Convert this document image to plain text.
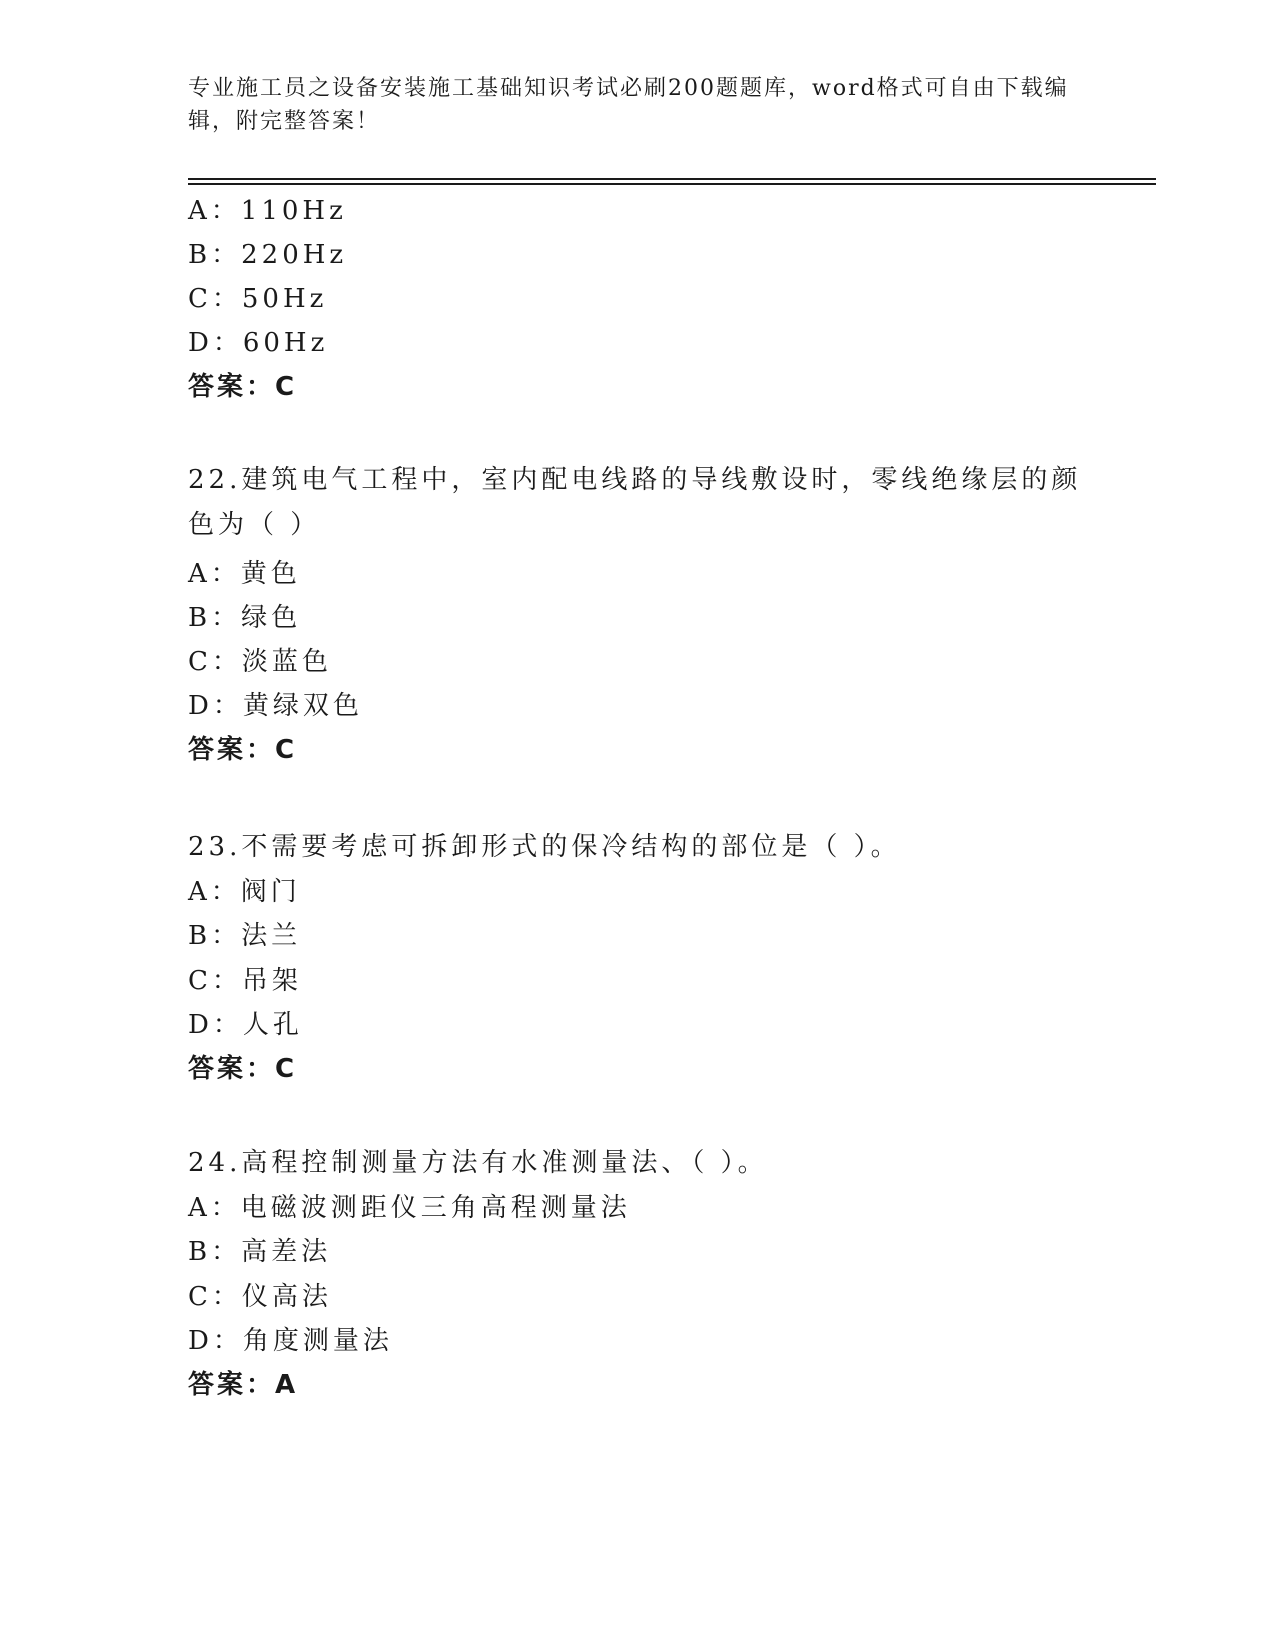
专业施工员之设备安装施工基础知识考试必刷200题题库，word格式可自由下载编辑，附完整答案！
A：110Hz
B：220Hz
C：50Hz
D：60Hz
答案：C
22.建筑电气工程中，室内配电线路的导线敷设时，零线绝缘层的颜色为（ ）
A：黄色
B：绿色
C：淡蓝色
D：黄绿双色
答案：C
23.不需要考虑可拆卸形式的保冷结构的部位是（ ）。
A：阀门
B：法兰
C：吊架
D：人孔
答案：C
24.高程控制测量方法有水准测量法、（ ）。
A：电磁波测距仪三角高程测量法
B：高差法
C：仪高法
D：角度测量法
答案：A
